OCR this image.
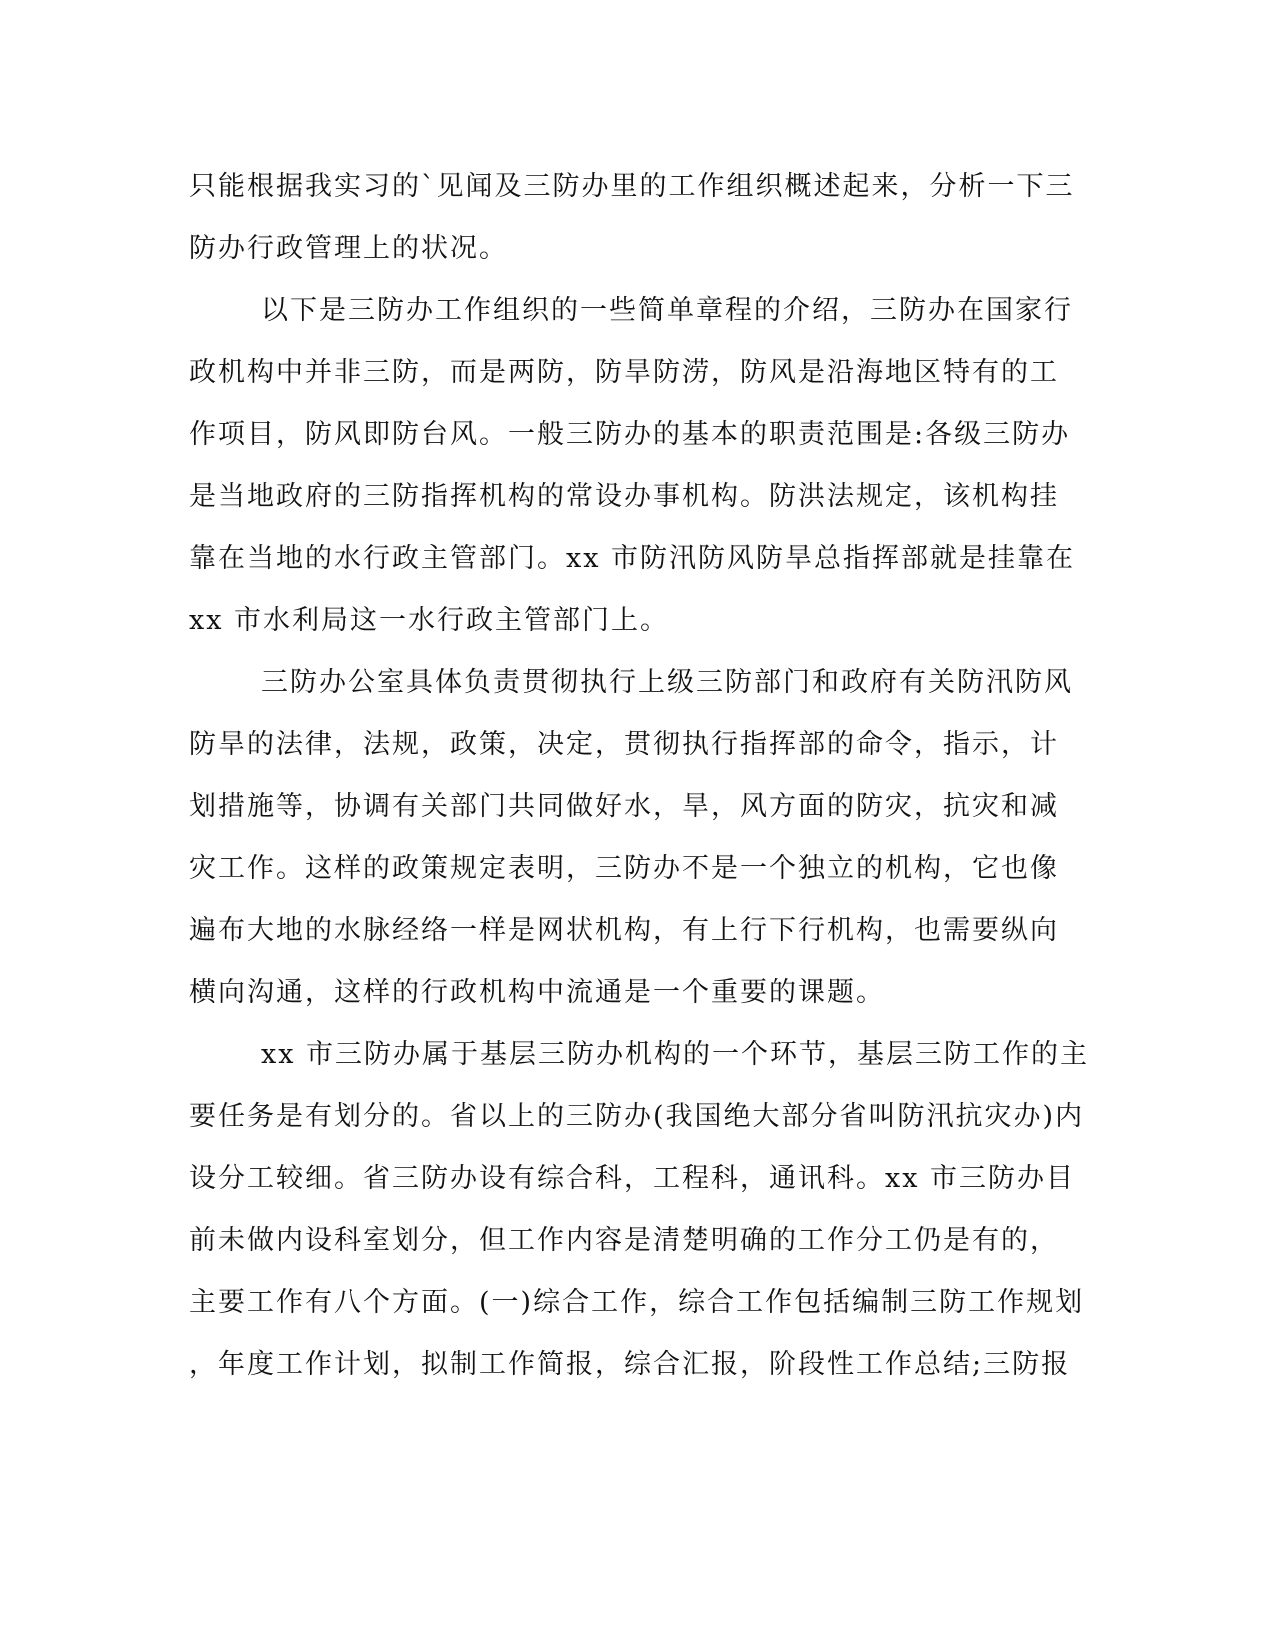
只能根据我实习的`见闻及三防办里的工作组织概述起来，分析一下三
防办行政管理上的状况。
以下是三防办工作组织的一些简单章程的介绍，三防办在国家行
政机构中并非三防，而是两防，防旱防涝，防风是沿海地区特有的工
作项目，防风即防台风。一般三防办的基本的职责范围是:各级三防办
是当地政府的三防指挥机构的常设办事机构。防洪法规定，该机构挂
靠在当地的水行政主管部门。xx 市防汛防风防旱总指挥部就是挂靠在
xx 市水利局这一水行政主管部门上。
三防办公室具体负责贯彻执行上级三防部门和政府有关防汛防风
防旱的法律，法规，政策，决定，贯彻执行指挥部的命令，指示，计
划措施等，协调有关部门共同做好水，旱，风方面的防灾，抗灾和减
灾工作。这样的政策规定表明，三防办不是一个独立的机构，它也像
遍布大地的水脉经络一样是网状机构，有上行下行机构，也需要纵向
横向沟通，这样的行政机构中流通是一个重要的课题。
xx 市三防办属于基层三防办机构的一个环节，基层三防工作的主
要任务是有划分的。省以上的三防办(我国绝大部分省叫防汛抗灾办)内
设分工较细。省三防办设有综合科，工程科，通讯科。xx 市三防办目
前未做内设科室划分，但工作内容是清楚明确的工作分工仍是有的，
主要工作有八个方面。(一)综合工作，综合工作包括编制三防工作规划
，年度工作计划，拟制工作简报，综合汇报，阶段性工作总结;三防报
